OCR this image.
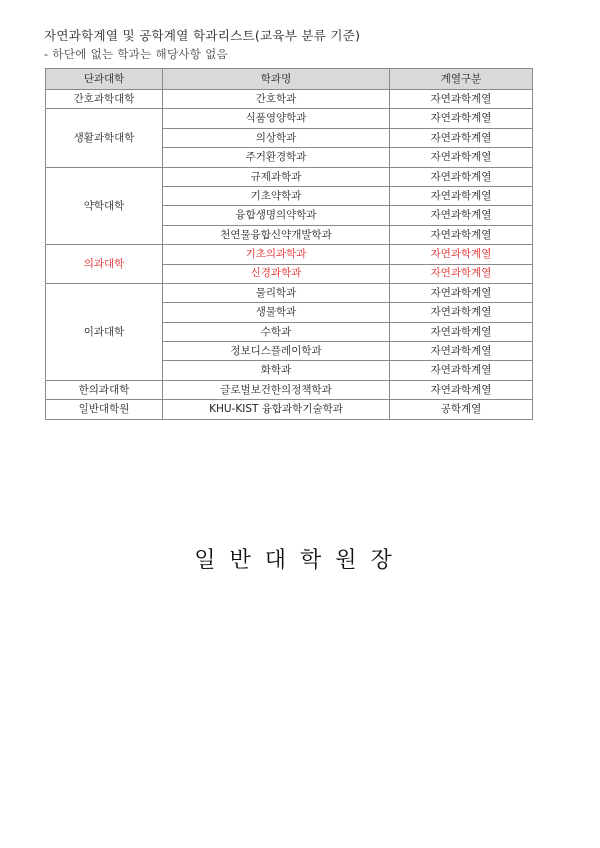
자연과학계열 및 공학계열 학과리스트(교육부 분류 기준)
- 하단에 없는 학과는 해당사항 없음
단과대학	학과명	계열구분
간호과학대학	간호학과	자연과학계열
생활과학대학	식품영양학과	자연과학계열
	의상학과	자연과학계열
	주거환경학과	자연과학계열
약학대학	규제과학과	자연과학계열
	기초약학과	자연과학계열
	융합생명의약학과	자연과학계열
	천연물융합신약개발학과	자연과학계열
의과대학	기초의과학과	자연과학계열
	신경과학과	자연과학계열
이과대학	물리학과	자연과학계열
	생물학과	자연과학계열
	수학과	자연과학계열
	정보디스플레이학과	자연과학계열
	화학과	자연과학계열
한의과대학	글로벌보건한의정책학과	자연과학계열
일반대학원	KHU-KIST 융합과학기술학과	공학계열
일반대학원장
